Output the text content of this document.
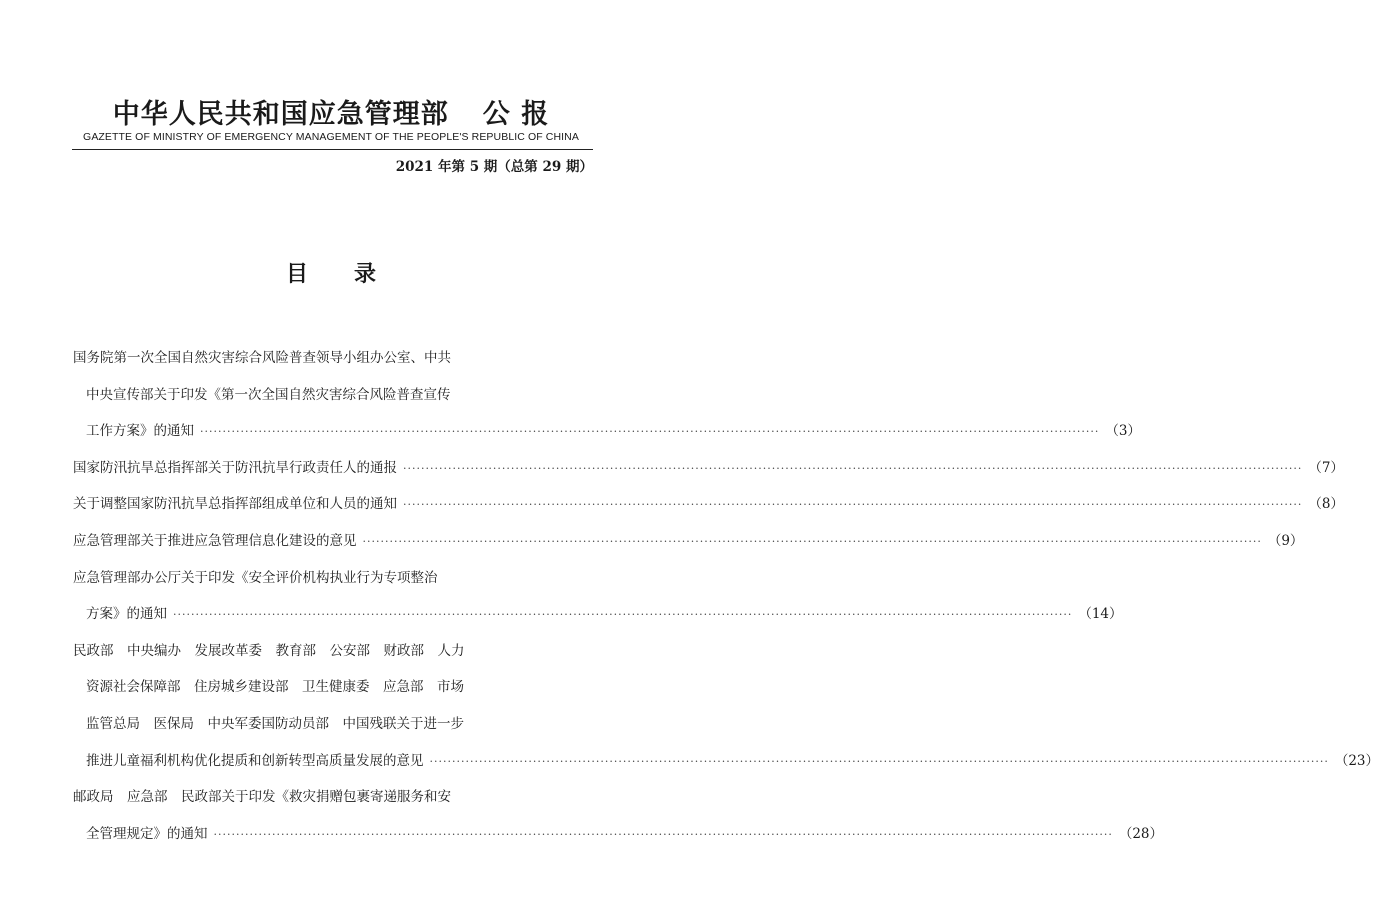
中华人民共和国应急管理部 公 报
GAZETTE OF MINISTRY OF EMERGENCY MANAGEMENT OF THE PEOPLE'S REPUBLIC OF CHINA
2021 年第 5 期（总第 29 期）
目 录
国务院第一次全国自然灾害综合风险普查领导小组办公室、中共
中央宣传部关于印发《第一次全国自然灾害综合风险普查宣传
工作方案》的通知 ········································································································································································································ （3）
国家防汛抗旱总指挥部关于防汛抗旱行政责任人的通报 ········································································································································································································ （7）
关于调整国家防汛抗旱总指挥部组成单位和人员的通知 ········································································································································································································ （8）
应急管理部关于推进应急管理信息化建设的意见 ········································································································································································································ （9）
应急管理部办公厅关于印发《安全评价机构执业行为专项整治
方案》的通知 ········································································································································································································ （14）
民政部　中央编办　发展改革委　教育部　公安部　财政部　人力
资源社会保障部　住房城乡建设部　卫生健康委　应急部　市场
监管总局　医保局　中央军委国防动员部　中国残联关于进一步
推进儿童福利机构优化提质和创新转型高质量发展的意见 ········································································································································································································ （23）
邮政局　应急部　民政部关于印发《救灾捐赠包裹寄递服务和安
全管理规定》的通知 ········································································································································································································ （28）
